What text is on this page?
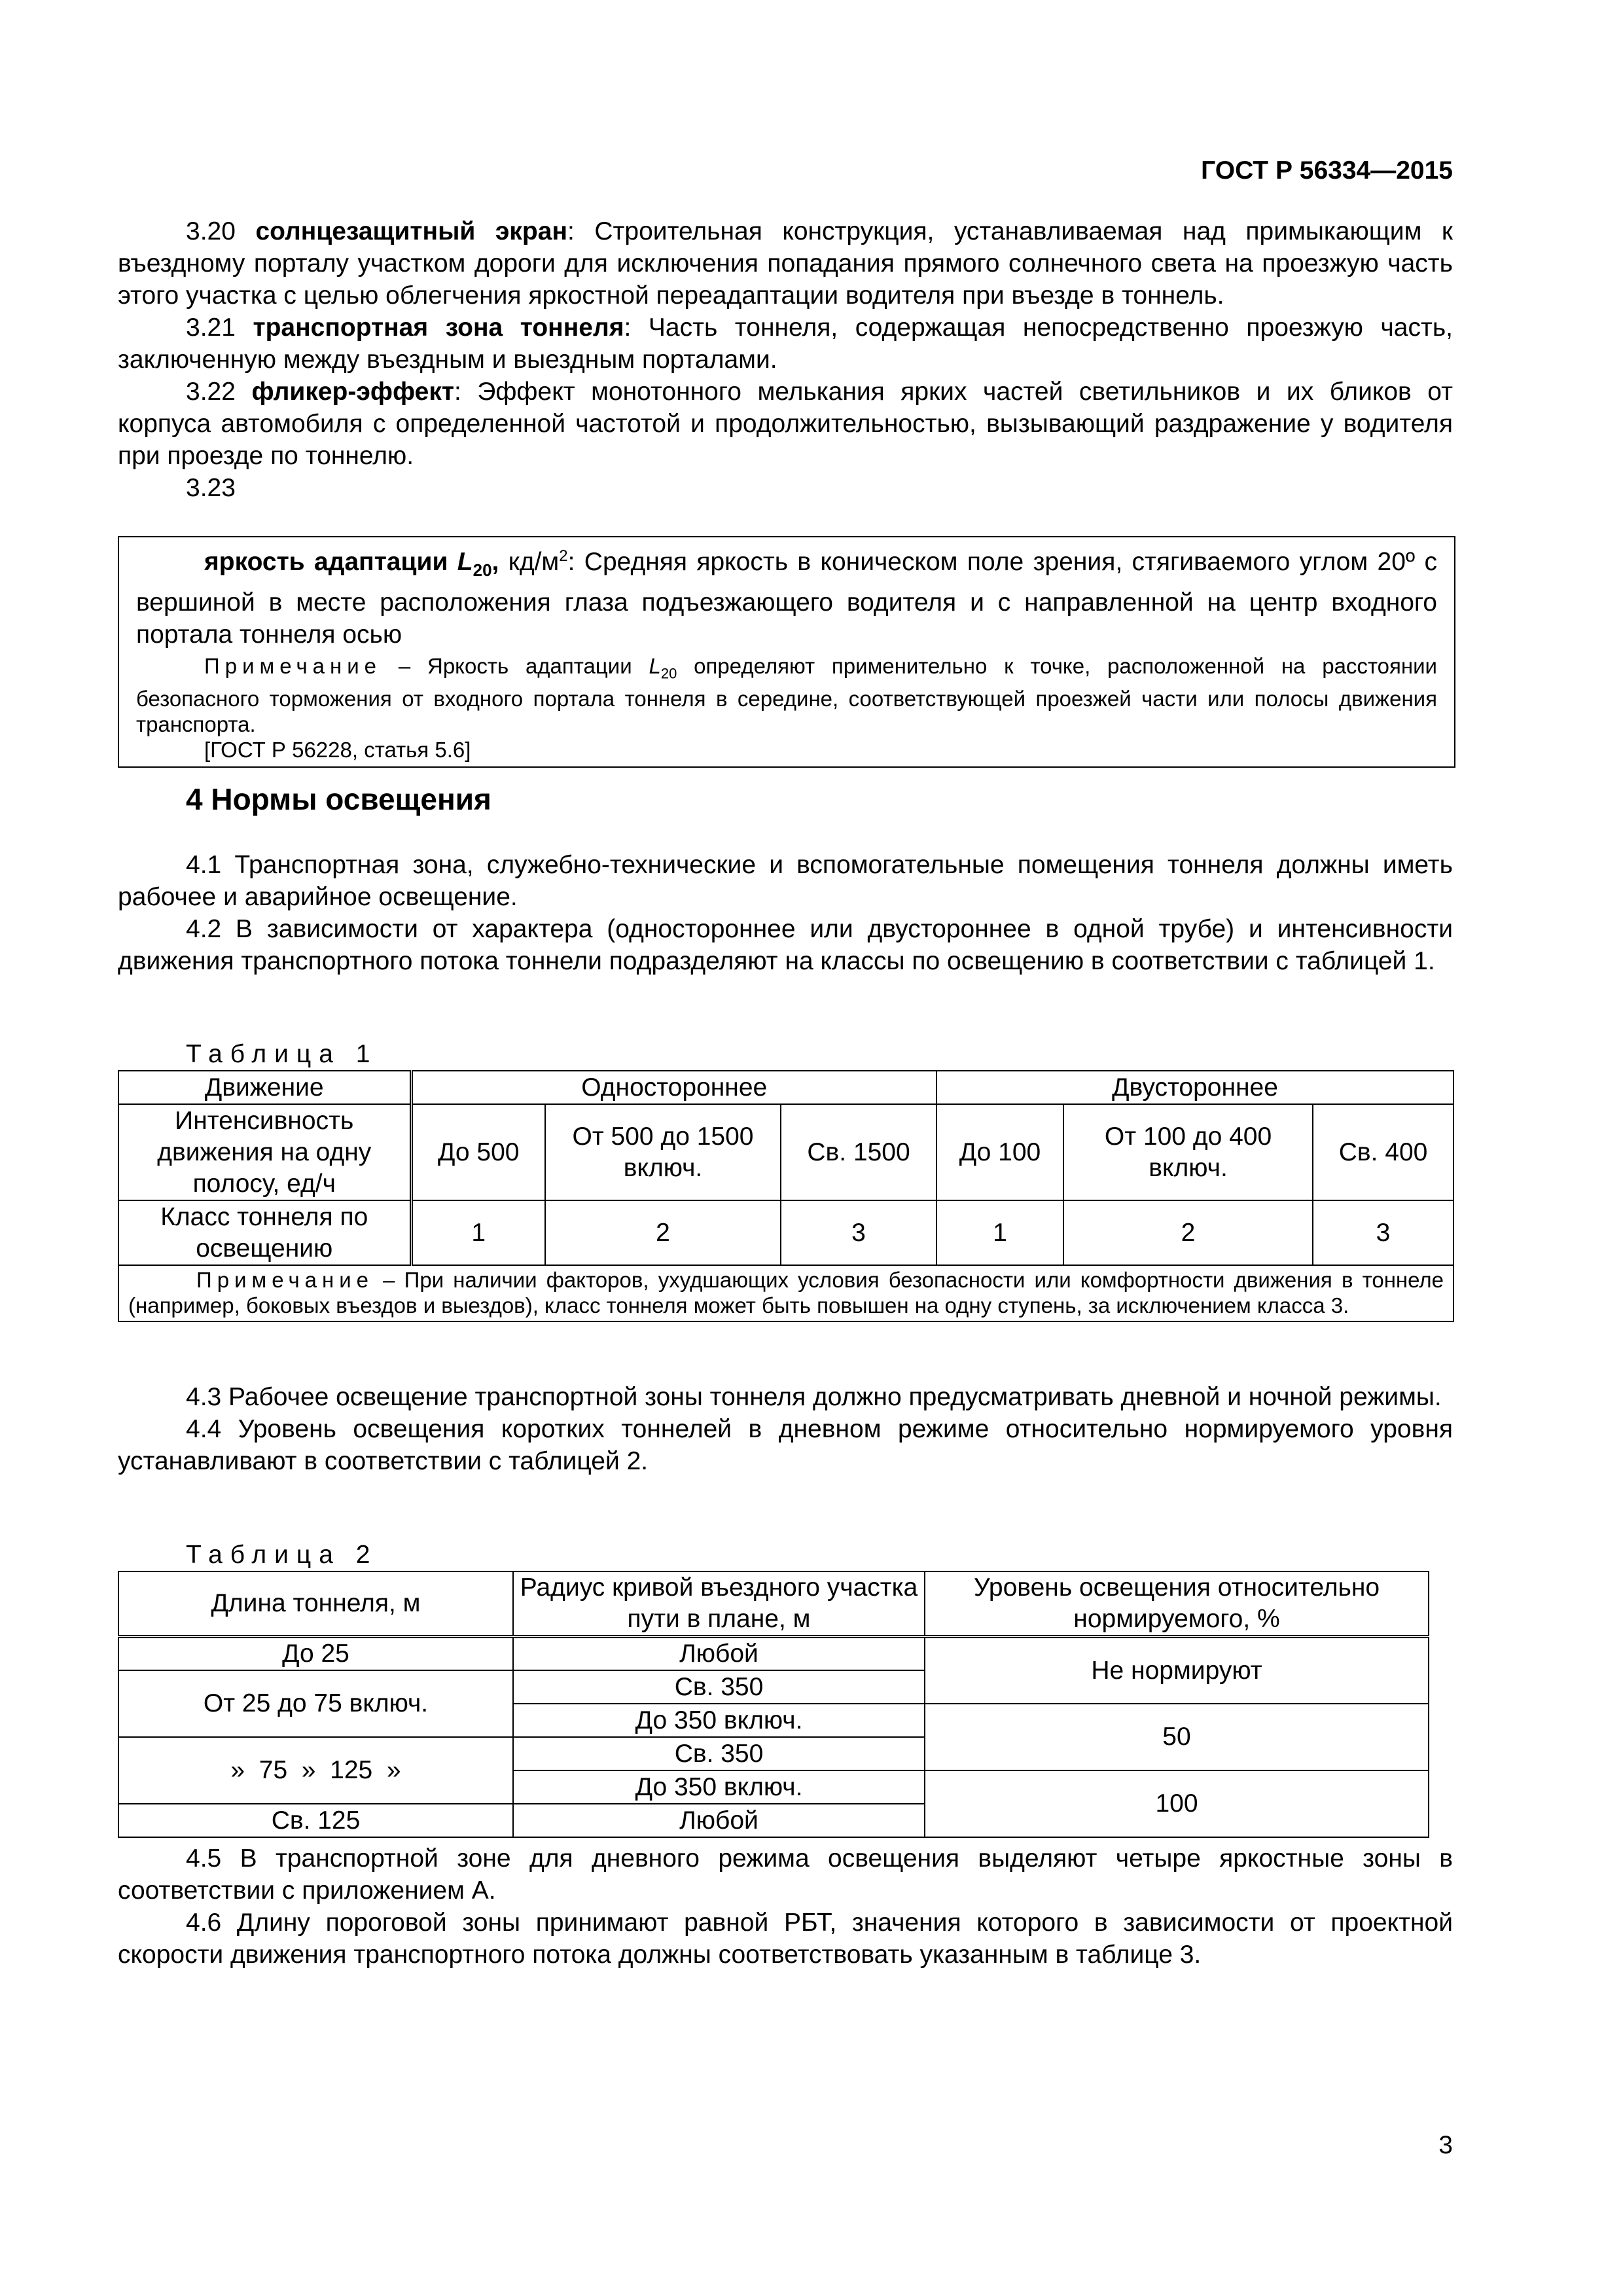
ГОСТ Р 56334—2015

3.20 солнцезащитный экран: Строительная конструкция, устанавливаемая над примыкающим к въездному порталу участком дороги для исключения попадания прямого солнечного света на проезжую часть этого участка с целью облегчения яркостной переадаптации водителя при въезде в тоннель.

3.21 транспортная зона тоннеля: Часть тоннеля, содержащая непосредственно проезжую часть, заключенную между въездным и выездным порталами.

3.22 фликер-эффект: Эффект монотонного мелькания ярких частей светильников и их бликов от корпуса автомобиля с определенной частотой и продолжительностью, вызывающий раздражение у водителя при проезде по тоннелю.

3.23

яркость адаптации $L_{20}$, $кд/м^2$: Средняя яркость в коническом поле зрения, стягиваемого углом 20º с вершиной в месте расположения глаза подъезжающего водителя и с направленной на центр входного портала тоннеля осью

Примечание – Яркость адаптации $L_{20}$ определяют применительно к точке, расположенной на расстоянии безопасного торможения от входного портала тоннеля в середине, соответствующей проезжей части или полосы движения транспорта.

[ГОСТ Р 56228, статья 5.6]

4 Нормы освещения

4.1 Транспортная зона, служебно-технические и вспомогательные помещения тоннеля должны иметь рабочее и аварийное освещение.

4.2 В зависимости от характера (одностороннее или двустороннее в одной трубе) и интенсивности движения транспортного потока тоннели подразделяют на классы по освещению в соответствии с таблицей 1.

Таблица 1
Движение	Одностороннее			Двустороннее		
Интенсивность движения на одну полосу, ед/ч	До 500	От 500 до 1500 включ.	Св. 1500	До 100	От 100 до 400 включ.	Св. 400
Класс тоннеля по освещению	1	2	3	1	2	3
Примечание – При наличии факторов, ухудшающих условия безопасности или комфортности движения в тоннеле (например, боковых въездов и выездов), класс тоннеля может быть повышен на одну ступень, за исключением класса 3.						

4.3 Рабочее освещение транспортной зоны тоннеля должно предусматривать дневной и ночной режимы.

4.4 Уровень освещения коротких тоннелей в дневном режиме относительно нормируемого уровня устанавливают в соответствии с таблицей 2.

Таблица 2
Длина тоннеля, м	Радиус кривой въездного участка пути в плане, м	Уровень освещения относительно нормируемого, %
До 25	Любой	Не нормируют
От 25 до 75 включ.	Св. 350	
	До 350 включ.	50
»  75  »  125  »	Св. 350	
	До 350 включ.	100
Св. 125	Любой	

4.5 В транспортной зоне для дневного режима освещения выделяют четыре яркостные зоны в соответствии с приложением А.

4.6 Длину пороговой зоны принимают равной РБТ, значения которого в зависимости от проектной скорости движения транспортного потока должны соответствовать указанным в таблице 3.

3
